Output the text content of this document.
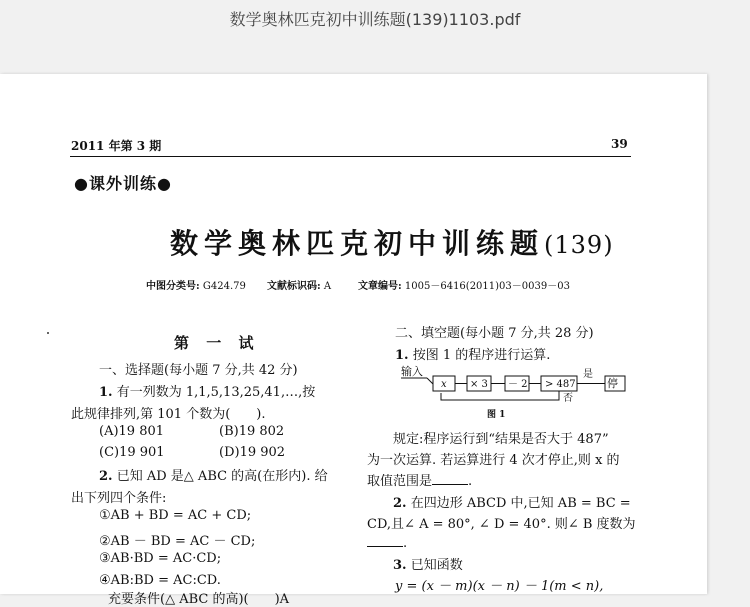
数学奥林匹克初中训练题(139)1103.pdf
2011 年第 3 期	39
●课外训练●
数学奥林匹克初中训练题(139)
中图分类号: G424.79 文献标识码: A	文章编号: 1005－6416(2011)03－0039－03
第 一 试
一、选择题(每小题 7 分,共 42 分)
1. 有一列数为 1,1,5,13,25,41,…,按
此规律排列,第 101 个数为(　　).
(A)19 801	(B)19 802
(C)19 901	(D)19 902
2. 已知 AD 是△ ABC 的高(在形内). 给
出下列四个条件:
①AB + BD = AC + CD;
②AB － BD = AC － CD;
③AB·BD = AC·CD;
④AB:BD = AC:CD.
充要条件(△ ABC 的高)(　　)A
二、填空题(每小题 7 分,共 28 分)
1. 按图 1 的程序进行运算.
输入
x × 3 － 2 > 487
是
停
否
图 1
规定:程序运行到“结果是否大于 487”
为一次运算. 若运算进行 4 次才停止,则 x 的
取值范围是	.
2. 在四边形 ABCD 中,已知 AB = BC =
CD,且∠ A = 80°, ∠ D = 40°. 则∠ B 度数为
.
3. 已知函数
y = (x － m)(x － n) － 1(m < n),
